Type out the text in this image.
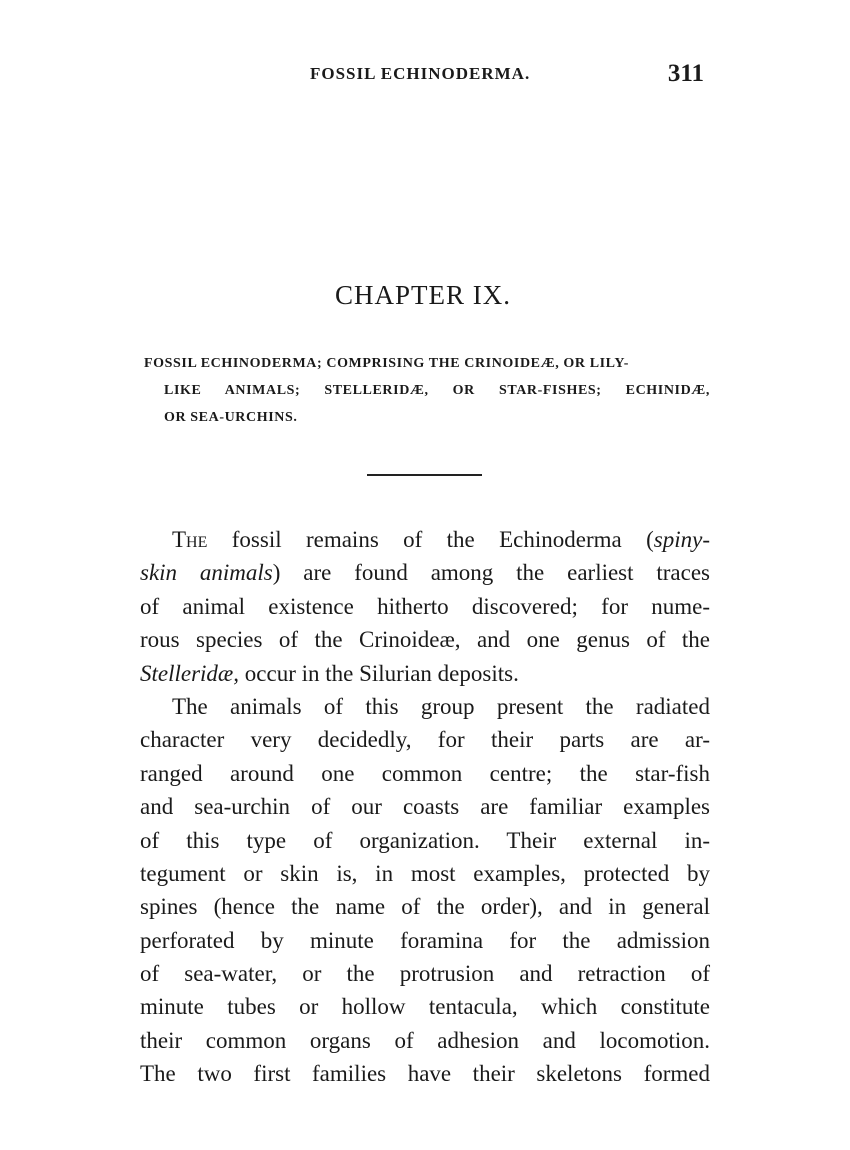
FOSSIL ECHINODERMA.	311
CHAPTER IX.
FOSSIL ECHINODERMA; COMPRISING THE CRINOIDEÆ, OR LILY-
LIKE ANIMALS; STELLERIDÆ, OR STAR-FISHES; ECHINIDÆ,
OR SEA-URCHINS.
The fossil remains of the Echinoderma (spiny-
skin animals) are found among the earliest traces
of animal existence hitherto discovered; for nume-
rous species of the Crinoideæ, and one genus of the
Stelleridæ, occur in the Silurian deposits.
The animals of this group present the radiated
character very decidedly, for their parts are ar-
ranged around one common centre; the star-fish
and sea-urchin of our coasts are familiar examples
of this type of organization. Their external in-
tegument or skin is, in most examples, protected by
spines (hence the name of the order), and in general
perforated by minute foramina for the admission
of sea-water, or the protrusion and retraction of
minute tubes or hollow tentacula, which constitute
their common organs of adhesion and locomotion.
The two first families have their skeletons formed
